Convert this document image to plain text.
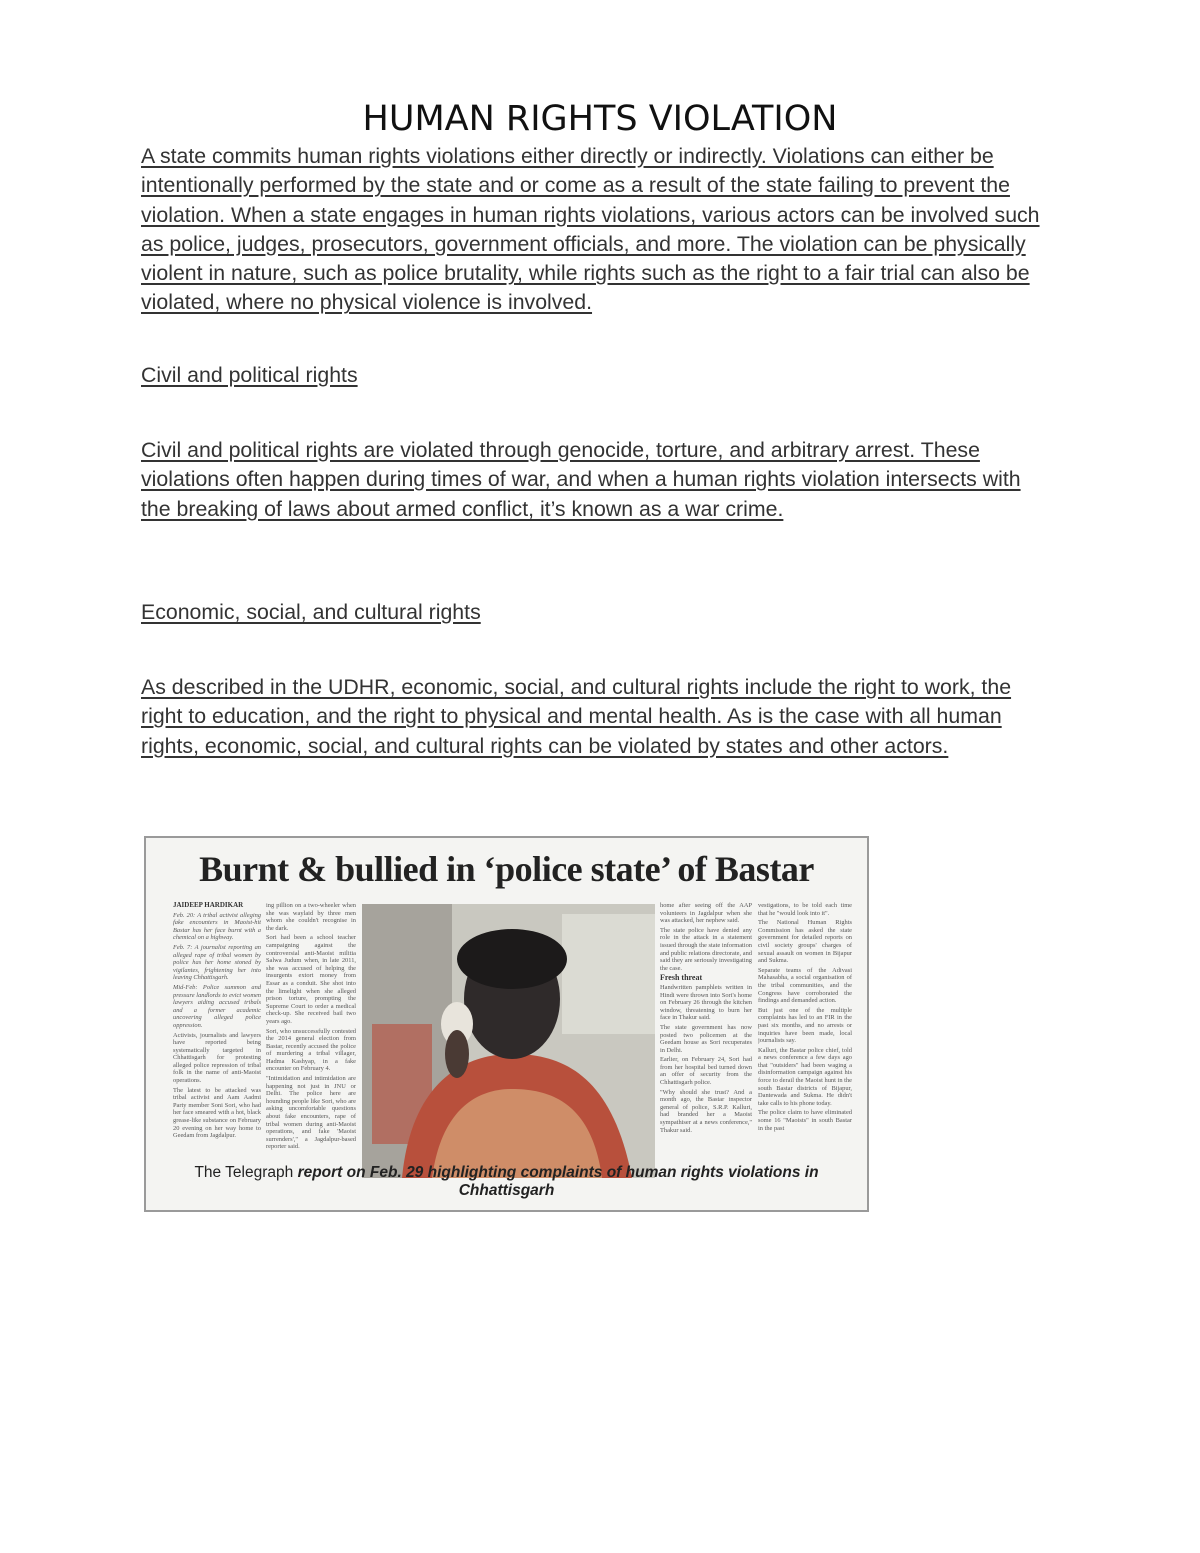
HUMAN RIGHTS VIOLATION

A state commits human rights violations either directly or indirectly. Violations can either be intentionally performed by the state and or come as a result of the state failing to prevent the violation. When a state engages in human rights violations, various actors can be involved such as police, judges, prosecutors, government officials, and more. The violation can be physically violent in nature, such as police brutality, while rights such as the right to a fair trial can also be violated, where no physical violence is involved.

Civil and political rights

Civil and political rights are violated through genocide, torture, and arbitrary arrest. These violations often happen during times of war, and when a human rights violation intersects with the breaking of laws about armed conflict, it’s known as a war crime.

Economic, social, and cultural rights

As described in the UDHR, economic, social, and cultural rights include the right to work, the right to education, and the right to physical and mental health. As is the case with all human rights, economic, social, and cultural rights can be violated by states and other actors.

Burnt & bullied in ‘police state’ of Bastar

JAIDEEP HARDIKAR

Feb. 20: A tribal activist alleging fake encounters in Maoist-hit Bastar has her face burnt with a chemical on a highway.

Feb. 7: A journalist reporting an alleged rape of tribal women by police has her home stoned by vigilantes, frightening her into leaving Chhattisgarh.

Mid-Feb: Police summon and pressure landlords to evict women lawyers aiding accused tribals and a former academic uncovering alleged police oppression.

Activists, journalists and lawyers have reported being systematically targeted in Chhattisgarh for protesting alleged police repression of tribal folk in the name of anti-Maoist operations.

The latest to be attacked was tribal activist and Aam Aadmi Party member Soni Sori, who had her face smeared with a hot, black grease-like substance on February 20 evening on her way home to Geedam from Jagdalpur.

ing pillion on a two-wheeler when she was waylaid by three men whom she couldn't recognise in the dark.

Sori had been a school teacher campaigning against the controversial anti-Maoist militia Salwa Judum when, in late 2011, she was accused of helping the insurgents extort money from Essar as a conduit. She shot into the limelight when she alleged prison torture, prompting the Supreme Court to order a medical check-up. She received bail two years ago.

Sori, who unsuccessfully contested the 2014 general election from Bastar, recently accused the police of murdering a tribal villager, Hadma Kashyap, in a fake encounter on February 4.

"Intimidation and intimidation are happening not just in JNU or Delhi. The police here are hounding people like Sori, who are asking uncomfortable questions about fake encounters, rape of tribal women during anti-Maoist operations, and fake 'Maoist surrenders'," a Jagdalpur-based reporter said.

home after seeing off the AAP volunteers in Jagdalpur when she was attacked, her nephew said.

The state police have denied any role in the attack in a statement issued through the state information and public relations directorate, and said they are seriously investigating the case.

Fresh threat

Handwritten pamphlets written in Hindi were thrown into Sori's home on February 26 through the kitchen window, threatening to burn her face in Thakur said.

The state government has now posted two policemen at the Geedam house as Sori recuperates in Delhi.

Earlier, on February 24, Sori had from her hospital bed turned down an offer of security from the Chhattisgarh police.

"Why should she trust? And a month ago, the Bastar inspector general of police, S.R.P. Kalluri, had branded her a Maoist sympathiser at a news conference," Thakur said.

vestigations, to be told each time that he "would look into it".

The National Human Rights Commission has asked the state government for detailed reports on civil society groups' charges of sexual assault on women in Bijapur and Sukma.

Separate teams of the Adivasi Mahasabha, a social organisation of the tribal communities, and the Congress have corroborated the findings and demanded action.

But just one of the multiple complaints has led to an FIR in the past six months, and no arrests or inquiries have been made, local journalists say.

Kalluri, the Bastar police chief, told a news conference a few days ago that "outsiders" had been waging a disinformation campaign against his force to derail the Maoist hunt in the south Bastar districts of Bijapur, Dantewada and Sukma. He didn't take calls to his phone today.

The police claim to have eliminated some 16 "Maoists" in south Bastar in the past

The Telegraph report on Feb. 29 highlighting complaints of human rights violations in Chhattisgarh
